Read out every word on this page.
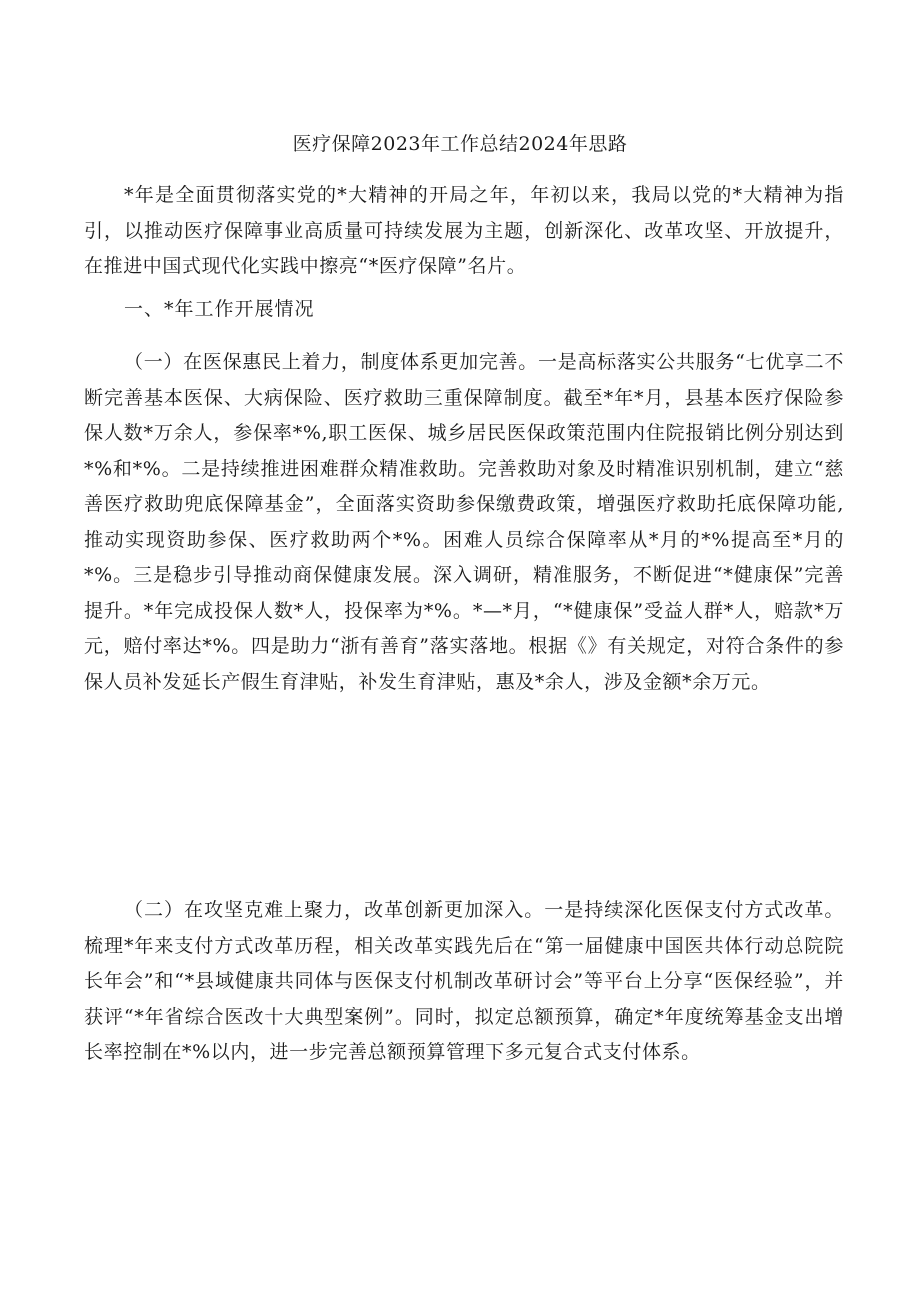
医疗保障2023年工作总结2024年思路

*年是全面贯彻落实党的*大精神的开局之年，年初以来，我局以党的*大精神为指引，以推动医疗保障事业高质量可持续发展为主题，创新深化、改革攻坚、开放提升，在推进中国式现代化实践中擦亮“*医疗保障”名片。

一、*年工作开展情况

（一）在医保惠民上着力，制度体系更加完善。一是高标落实公共服务“七优享二不断完善基本医保、大病保险、医疗救助三重保障制度。截至*年*月，县基本医疗保险参保人数*万余人，参保率*%,职工医保、城乡居民医保政策范围内住院报销比例分别达到*%和*%。二是持续推进困难群众精准救助。完善救助对象及时精准识别机制，建立“慈善医疗救助兜底保障基金”，全面落实资助参保缴费政策，增强医疗救助托底保障功能,推动实现资助参保、医疗救助两个*%。困难人员综合保障率从*月的*%提高至*月的*%。三是稳步引导推动商保健康发展。深入调研，精准服务，不断促进“*健康保”完善提升。*年完成投保人数*人，投保率为*%。*—*月，“*健康保”受益人群*人，赔款*万元，赔付率达*%。四是助力“浙有善育”落实落地。根据《》有关规定，对符合条件的参保人员补发延长产假生育津贴，补发生育津贴，惠及*余人，涉及金额*余万元。

（二）在攻坚克难上聚力，改革创新更加深入。一是持续深化医保支付方式改革。梳理*年来支付方式改革历程，相关改革实践先后在“第一届健康中国医共体行动总院院长年会”和“*县域健康共同体与医保支付机制改革研讨会”等平台上分享“医保经验”，并获评“*年省综合医改十大典型案例”。同时，拟定总额预算，确定*年度统筹基金支出增长率控制在*%以内，进一步完善总额预算管理下多元复合式支付体系。
